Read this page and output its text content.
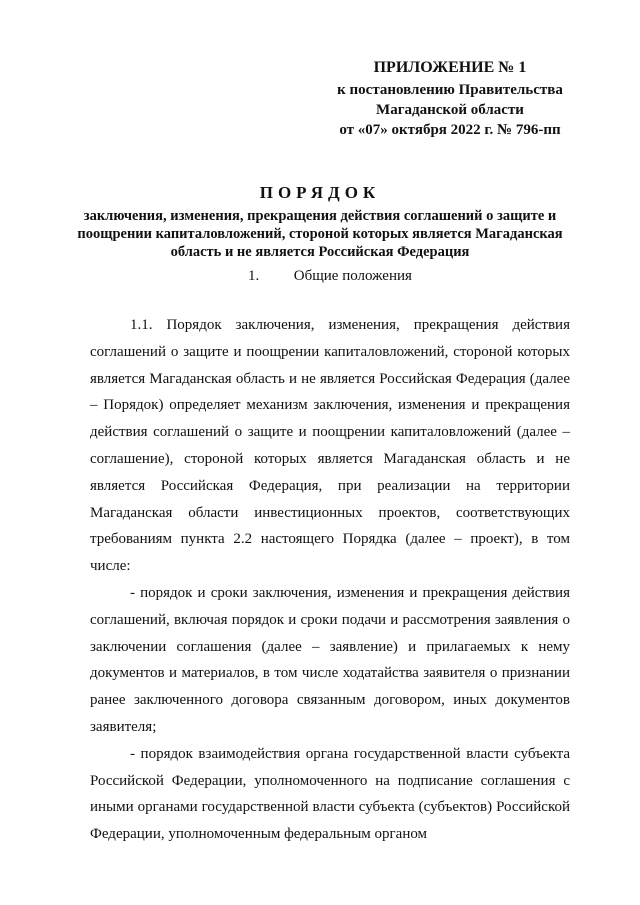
ПРИЛОЖЕНИЕ № 1
к постановлению Правительства
Магаданской области
от «07» октября 2022 г. № 796-пп
ПОРЯДОК
заключения, изменения, прекращения действия соглашений о защите и поощрении капиталовложений, стороной которых является Магаданская область и не является Российская Федерация
1. Общие положения

1.1. Порядок заключения, изменения, прекращения действия соглашений о защите и поощрении капиталовложений, стороной которых является Магаданская область и не является Российская Федерация (далее – Порядок) определяет механизм заключения, изменения и прекращения действия соглашений о защите и поощрении капиталовложений (далее – соглашение), стороной которых является Магаданская область и не является Российская Федерация, при реализации на территории Магаданская области инвестиционных проектов, соответствующих требованиям пункта 2.2 настоящего Порядка (далее – проект), в том числе:

- порядок и сроки заключения, изменения и прекращения действия соглашений, включая порядок и сроки подачи и рассмотрения заявления о заключении соглашения (далее – заявление) и прилагаемых к нему документов и материалов, в том числе ходатайства заявителя о признании ранее заключенного договора связанным договором, иных документов заявителя;

- порядок взаимодействия органа государственной власти субъекта Российской Федерации, уполномоченного на подписание соглашения с иными органами государственной власти субъекта (субъектов) Российской Федерации, уполномоченным федеральным органом
